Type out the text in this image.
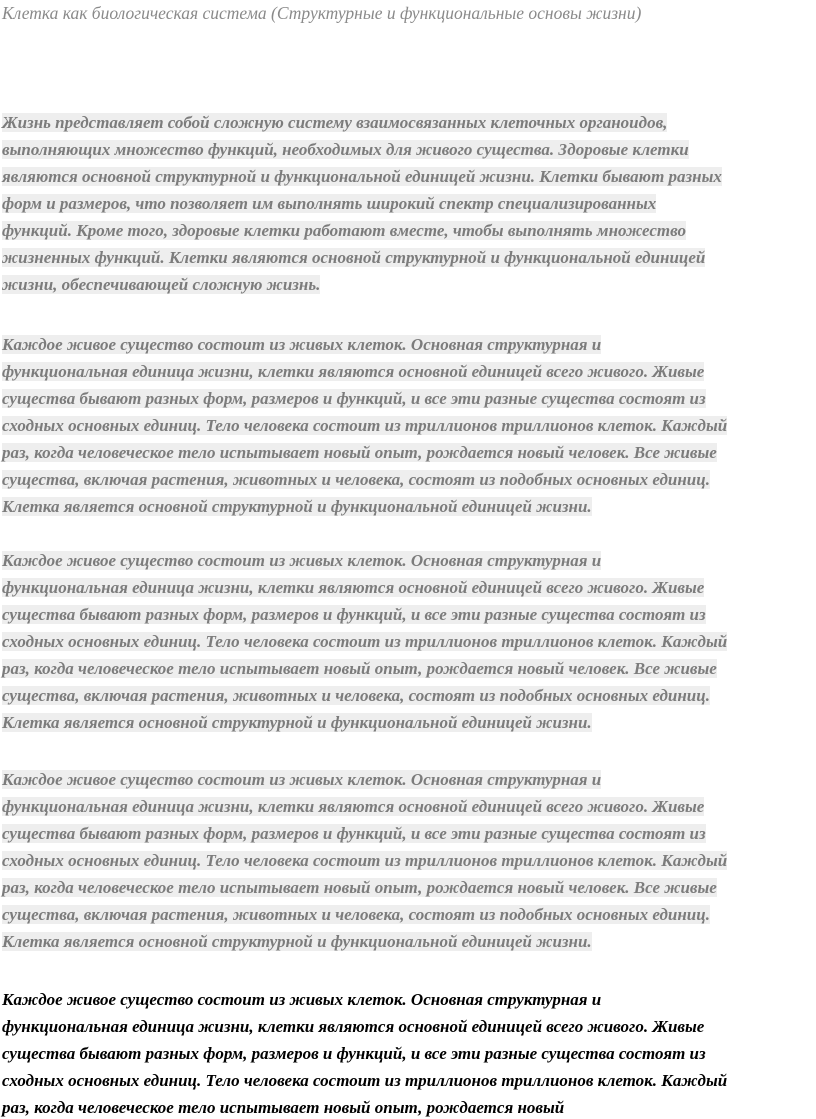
Клетка как биологическая система (Структурные и функциональные основы жизни)
Жизнь представляет собой сложную систему взаимосвязанных клеточных органоидов,
выполняющих множество функций, необходимых для живого существа. Здоровые клетки
являются основной структурной и функциональной единицей жизни. Клетки бывают разных
форм и размеров, что позволяет им выполнять широкий спектр специализированных
функций. Кроме того, здоровые клетки работают вместе, чтобы выполнять множество
жизненных функций. Клетки являются основной структурной и функциональной единицей
жизни, обеспечивающей сложную жизнь.
Каждое живое существо состоит из живых клеток. Основная структурная и
функциональная единица жизни, клетки являются основной единицей всего живого. Живые
существа бывают разных форм, размеров и функций, и все эти разные существа состоят из
сходных основных единиц. Тело человека состоит из триллионов триллионов клеток. Каждый
раз, когда человеческое тело испытывает новый опыт, рождается новый человек. Все живые
существа, включая растения, животных и человека, состоят из подобных основных единиц.
Клетка является основной структурной и функциональной единицей жизни.
Каждое живое существо состоит из живых клеток. Основная структурная и
функциональная единица жизни, клетки являются основной единицей всего живого. Живые
существа бывают разных форм, размеров и функций, и все эти разные существа состоят из
сходных основных единиц. Тело человека состоит из триллионов триллионов клеток. Каждый
раз, когда человеческое тело испытывает новый опыт, рождается новый человек. Все живые
существа, включая растения, животных и человека, состоят из подобных основных единиц.
Клетка является основной структурной и функциональной единицей жизни.
Каждое живое существо состоит из живых клеток. Основная структурная и
функциональная единица жизни, клетки являются основной единицей всего живого. Живые
существа бывают разных форм, размеров и функций, и все эти разные существа состоят из
сходных основных единиц. Тело человека состоит из триллионов триллионов клеток. Каждый
раз, когда человеческое тело испытывает новый опыт, рождается новый человек. Все живые
существа, включая растения, животных и человека, состоят из подобных основных единиц.
Клетка является основной структурной и функциональной единицей жизни.
Каждое живое существо состоит из живых клеток. Основная структурная и
функциональная единица жизни, клетки являются основной единицей всего живого. Живые
существа бывают разных форм, размеров и функций, и все эти разные существа состоят из
сходных основных единиц. Тело человека состоит из триллионов триллионов клеток. Каждый
раз, когда человеческое тело испытывает новый опыт, рождается новый
